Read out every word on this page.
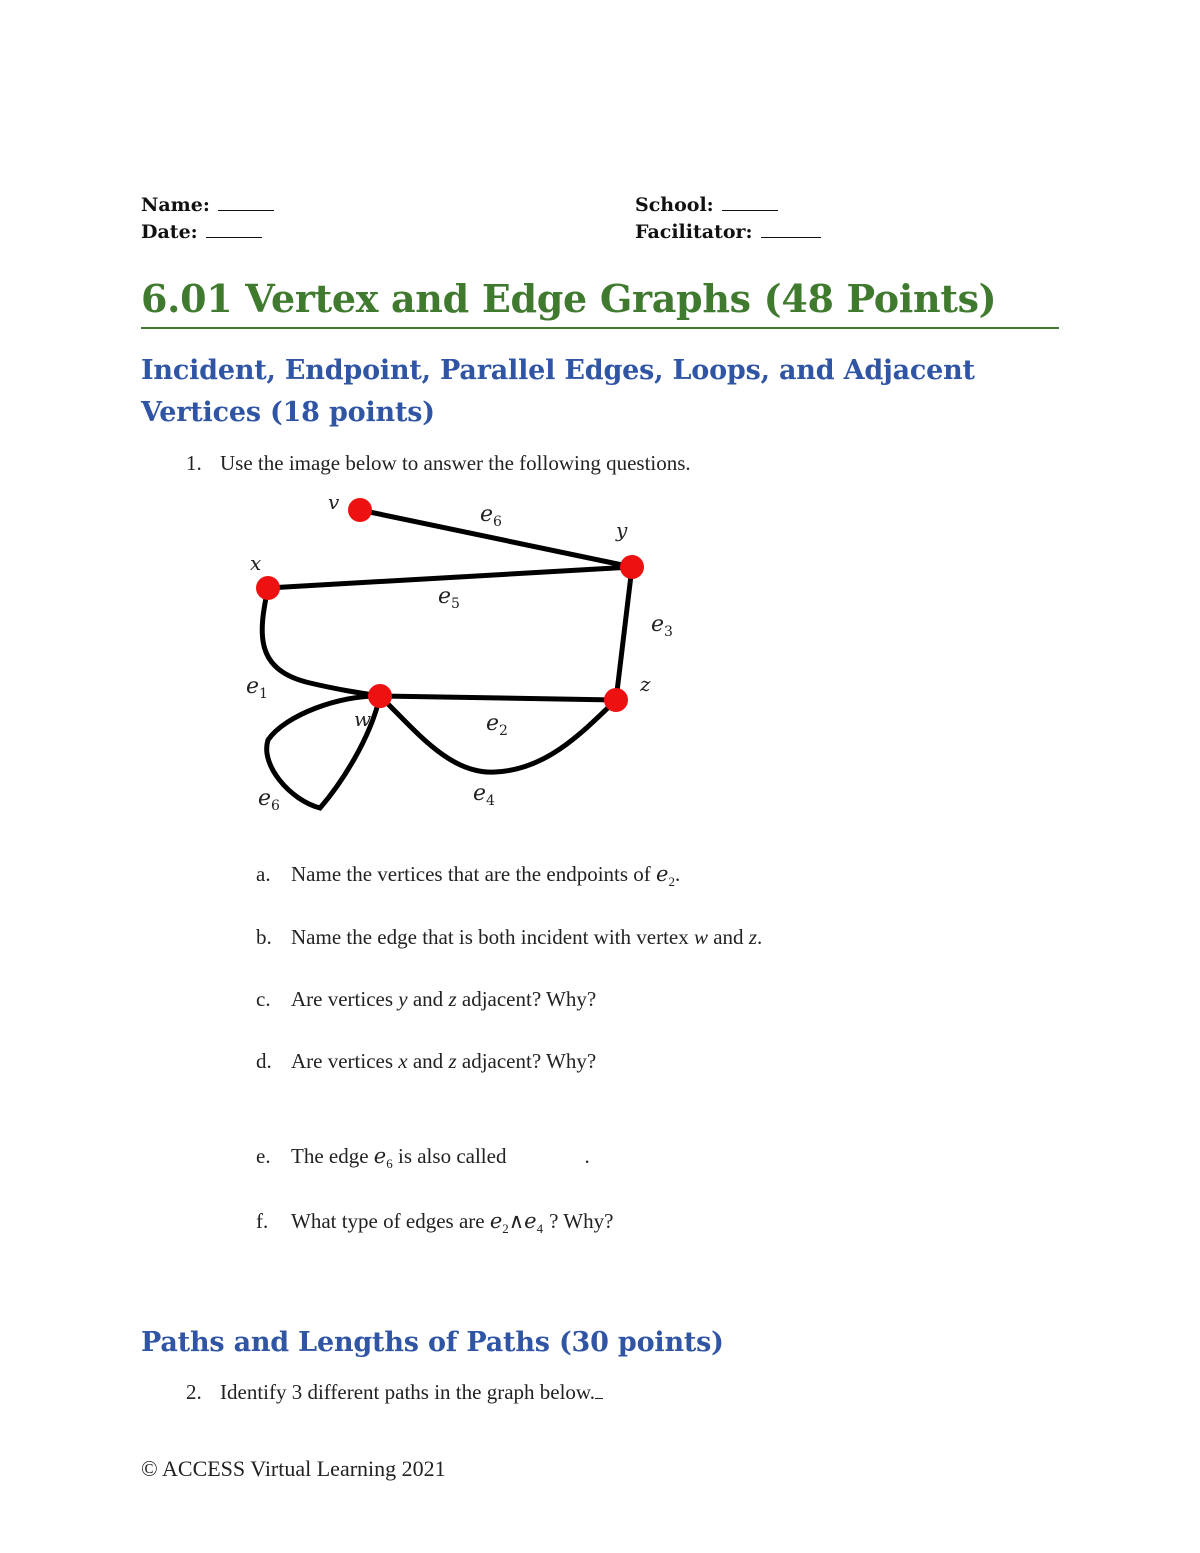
Name:
Date:
School:
Facilitator:
6.01 Vertex and Edge Graphs (48 Points)
Incident, Endpoint, Parallel Edges, Loops, and Adjacent Vertices (18 points)
1. Use the image below to answer the following questions.
v
y
x
z
w
$e_6$
$e_5$
$e_3$
$e_1$
$e_2$
$e_4$
$e_6$
a. Name the vertices that are the endpoints of $e_2$.
b. Name the edge that is both incident with vertex w and z.
c. Are vertices y and z adjacent? Why?
d. Are vertices x and z adjacent? Why?
e. The edge $e_6$ is also called	.
f. What type of edges are $e_2\wedge e_4$ ? Why?
Paths and Lengths of Paths (30 points)
2. Identify 3 different paths in the graph below.
© ACCESS Virtual Learning 2021
